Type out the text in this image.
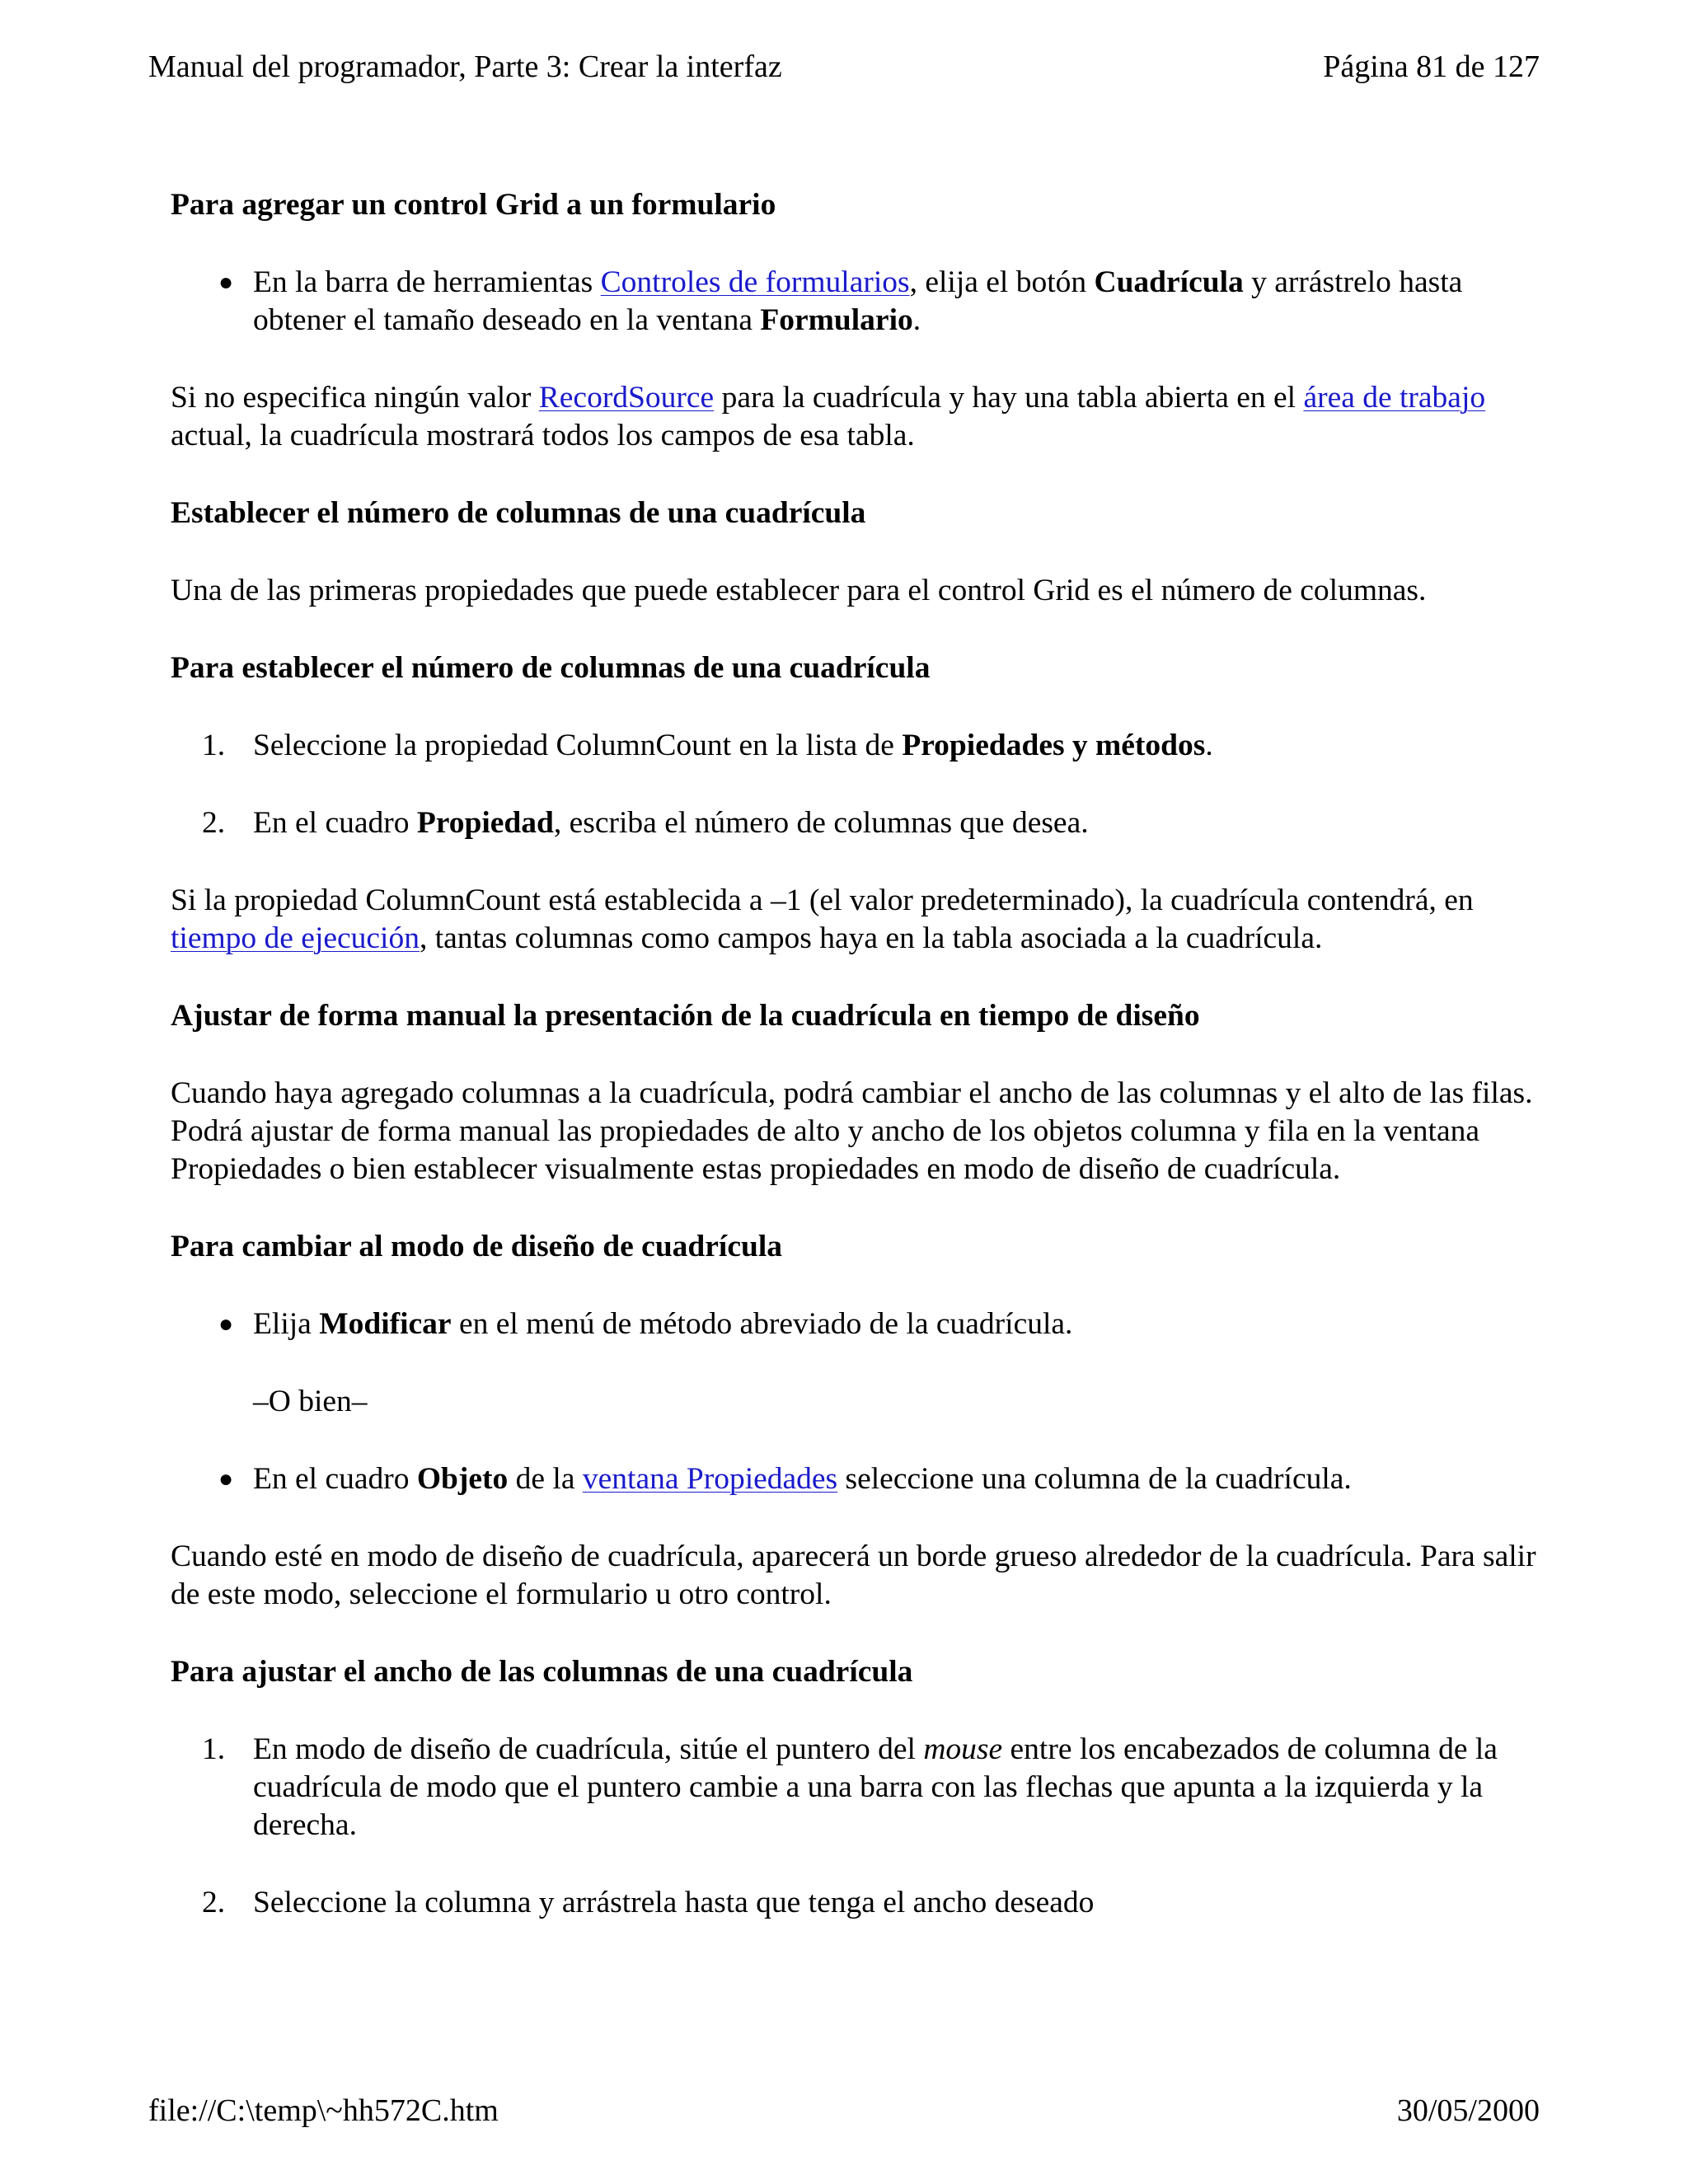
Manual del programador, Parte 3: Crear la interfaz	Página 81 de 127

Para agregar un control Grid a un formulario

● En la barra de herramientas Controles de formularios, elija el botón Cuadrícula y arrástrelo hasta obtener el tamaño deseado en la ventana Formulario.

Si no especifica ningún valor RecordSource para la cuadrícula y hay una tabla abierta en el área de trabajo actual, la cuadrícula mostrará todos los campos de esa tabla.

Establecer el número de columnas de una cuadrícula

Una de las primeras propiedades que puede establecer para el control Grid es el número de columnas.

Para establecer el número de columnas de una cuadrícula

1. Seleccione la propiedad ColumnCount en la lista de Propiedades y métodos.
2. En el cuadro Propiedad, escriba el número de columnas que desea.

Si la propiedad ColumnCount está establecida a –1 (el valor predeterminado), la cuadrícula contendrá, en tiempo de ejecución, tantas columnas como campos haya en la tabla asociada a la cuadrícula.

Ajustar de forma manual la presentación de la cuadrícula en tiempo de diseño

Cuando haya agregado columnas a la cuadrícula, podrá cambiar el ancho de las columnas y el alto de las filas. Podrá ajustar de forma manual las propiedades de alto y ancho de los objetos columna y fila en la ventana Propiedades o bien establecer visualmente estas propiedades en modo de diseño de cuadrícula.

Para cambiar al modo de diseño de cuadrícula

● Elija Modificar en el menú de método abreviado de la cuadrícula.

–O bien–

● En el cuadro Objeto de la ventana Propiedades seleccione una columna de la cuadrícula.

Cuando esté en modo de diseño de cuadrícula, aparecerá un borde grueso alrededor de la cuadrícula. Para salir de este modo, seleccione el formulario u otro control.

Para ajustar el ancho de las columnas de una cuadrícula

1. En modo de diseño de cuadrícula, sitúe el puntero del mouse entre los encabezados de columna de la cuadrícula de modo que el puntero cambie a una barra con las flechas que apunta a la izquierda y la derecha.
2. Seleccione la columna y arrástrela hasta que tenga el ancho deseado
file://C:\temp\~hh572C.htm	30/05/2000
